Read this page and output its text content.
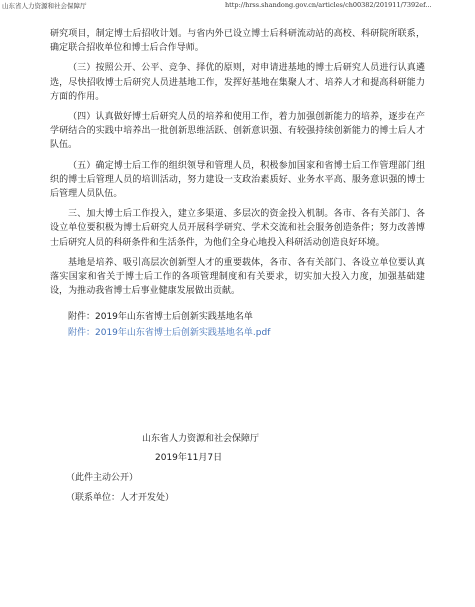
山东省人力资源和社会保障厅	http://hrss.shandong.gov.cn/articles/ch00382/201911/7392ef...

研究项目，制定博士后招收计划。与省内外已设立博士后科研流动站的高校、科研院所联系，确定联合招收单位和博士后合作导师。

（三）按照公开、公平、竞争、择优的原则，对申请进基地的博士后研究人员进行认真遴选，尽快招收博士后研究人员进基地工作，发挥好基地在集聚人才、培养人才和提高科研能力方面的作用。

（四）认真做好博士后研究人员的培养和使用工作，着力加强创新能力的培养，逐步在产学研结合的实践中培养出一批创新思维活跃、创新意识强、有较强持续创新能力的博士后人才队伍。

（五）确定博士后工作的组织领导和管理人员，积极参加国家和省博士后工作管理部门组织的博士后管理人员的培训活动，努力建设一支政治素质好、业务水平高、服务意识强的博士后管理人员队伍。

三、加大博士后工作投入，建立多渠道、多层次的资金投入机制。各市、各有关部门、各设立单位要积极为博士后研究人员开展科学研究、学术交流和社会服务创造条件；努力改善博士后研究人员的科研条件和生活条件，为他们全身心地投入科研活动创造良好环境。

基地是培养、吸引高层次创新型人才的重要载体，各市、各有关部门、各设立单位要认真落实国家和省关于博士后工作的各项管理制度和有关要求，切实加大投入力度，加强基础建设，为推动我省博士后事业健康发展做出贡献。

附件：2019年山东省博士后创新实践基地名单

附件：2019年山东省博士后创新实践基地名单.pdf
山东省人力资源和社会保障厅
2019年11月7日
（此件主动公开）
（联系单位：人才开发处）
